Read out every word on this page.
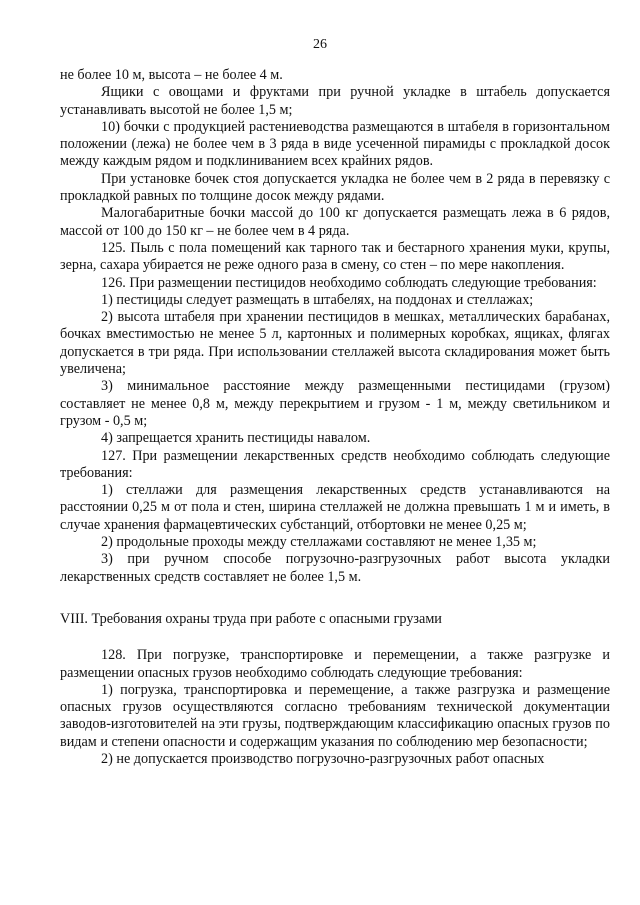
26

не более 10 м, высота – не более 4 м.

Ящики с овощами и фруктами при ручной укладке в штабель допускается устанавливать высотой не более 1,5 м;

10) бочки с продукцией растениеводства размещаются в штабеля в горизонтальном положении (лежа) не более чем в 3 ряда в виде усеченной пирамиды с прокладкой досок между каждым рядом и подклиниванием всех крайних рядов.

При установке бочек стоя допускается укладка не более чем в 2 ряда в перевязку с прокладкой равных по толщине досок между рядами.

Малогабаритные бочки массой до 100 кг допускается размещать лежа в 6 рядов, массой от 100 до 150 кг – не более чем в 4 ряда.

125. Пыль с пола помещений как тарного так и бестарного хранения муки, крупы, зерна, сахара убирается не реже одного раза в смену, со стен – по мере накопления.

126. При размещении пестицидов необходимо соблюдать следующие требования:

1) пестициды следует размещать в штабелях, на поддонах и стеллажах;

2) высота штабеля при хранении пестицидов в мешках, металлических барабанах, бочках вместимостью не менее 5 л, картонных и полимерных коробках, ящиках, флягах допускается в три ряда. При использовании стеллажей высота складирования может быть увеличена;

3) минимальное расстояние между размещенными пестицидами (грузом) составляет не менее 0,8 м, между перекрытием и грузом - 1 м, между светильником и грузом - 0,5 м;

4) запрещается хранить пестициды навалом.

127. При размещении лекарственных средств необходимо соблюдать следующие требования:

1) стеллажи для размещения лекарственных средств устанавливаются на расстоянии 0,25 м от пола и стен, ширина стеллажей не должна превышать 1 м и иметь, в случае хранения фармацевтических субстанций, отбортовки не менее 0,25 м;

2) продольные проходы между стеллажами составляют не менее 1,35 м;

3) при ручном способе погрузочно-разгрузочных работ высота укладки лекарственных средств составляет не более 1,5 м.

VIII. Требования охраны труда при работе с опасными грузами

128. При погрузке, транспортировке и перемещении, а также разгрузке и размещении опасных грузов необходимо соблюдать следующие требования:

1) погрузка, транспортировка и перемещение, а также разгрузка и размещение опасных грузов осуществляются согласно требованиям технической документации заводов-изготовителей на эти грузы, подтверждающим классификацию опасных грузов по видам и степени опасности и содержащим указания по соблюдению мер безопасности;

2) не допускается производство погрузочно-разгрузочных работ опасных
